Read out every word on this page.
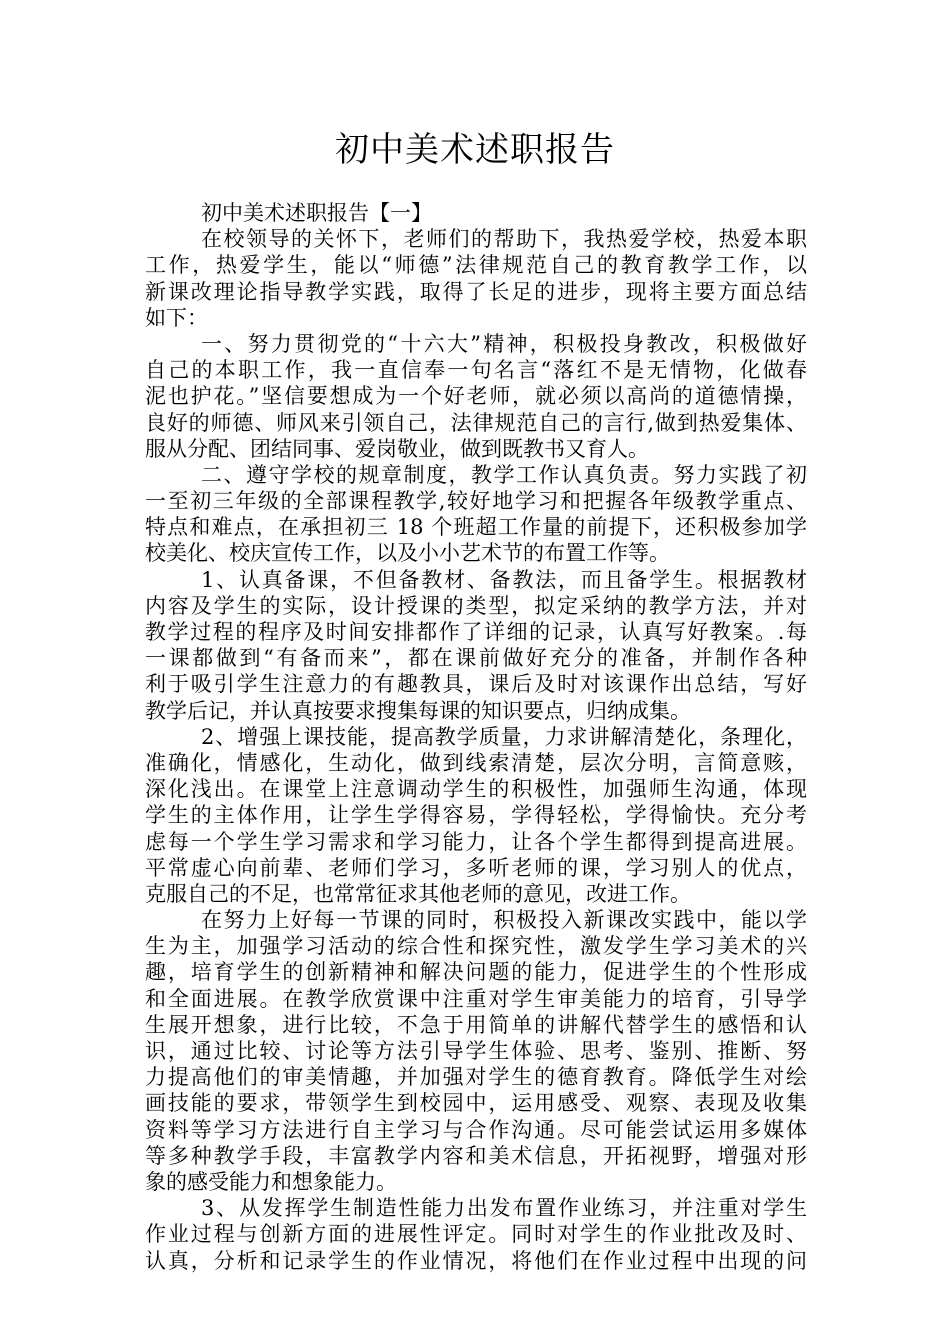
初中美术述职报告
初中美术述职报告【一】
在校领导的关怀下，老师们的帮助下，我热爱学校，热爱本职
工作，热爱学生，能以“师德”法律规范自己的教育教学工作，以
新课改理论指导教学实践，取得了长足的进步，现将主要方面总结
如下：
一、努力贯彻党的“十六大”精神，积极投身教改，积极做好
自己的本职工作，我一直信奉一句名言“落红不是无情物，化做春
泥也护花。”坚信要想成为一个好老师，就必须以高尚的道德情操，
良好的师德、师风来引领自己，法律规范自己的言行,做到热爱集体、
服从分配、团结同事、爱岗敬业，做到既教书又育人。
二、遵守学校的规章制度，教学工作认真负责。努力实践了初
一至初三年级的全部课程教学,较好地学习和把握各年级教学重点、
特点和难点，在承担初三 18 个班超工作量的前提下，还积极参加学
校美化、校庆宣传工作，以及小小艺术节的布置工作等。
1、认真备课，不但备教材、备教法，而且备学生。根据教材
内容及学生的实际，设计授课的类型，拟定采纳的教学方法，并对
教学过程的程序及时间安排都作了详细的记录，认真写好教案。.每
一课都做到“有备而来”，都在课前做好充分的准备，并制作各种
利于吸引学生注意力的有趣教具，课后及时对该课作出总结，写好
教学后记，并认真按要求搜集每课的知识要点，归纳成集。
2、增强上课技能，提高教学质量，力求讲解清楚化，条理化，
准确化，情感化，生动化，做到线索清楚，层次分明，言简意赅，
深化浅出。在课堂上注意调动学生的积极性，加强师生沟通，体现
学生的主体作用，让学生学得容易，学得轻松，学得愉快。充分考
虑每一个学生学习需求和学习能力，让各个学生都得到提高进展。
平常虚心向前辈、老师们学习，多听老师的课，学习别人的优点，
克服自己的不足，也常常征求其他老师的意见，改进工作。
在努力上好每一节课的同时，积极投入新课改实践中，能以学
生为主，加强学习活动的综合性和探究性，激发学生学习美术的兴
趣，培育学生的创新精神和解决问题的能力，促进学生的个性形成
和全面进展。在教学欣赏课中注重对学生审美能力的培育，引导学
生展开想象，进行比较，不急于用简单的讲解代替学生的感悟和认
识，通过比较、讨论等方法引导学生体验、思考、鉴别、推断、努
力提高他们的审美情趣，并加强对学生的德育教育。降低学生对绘
画技能的要求，带领学生到校园中，运用感受、观察、表现及收集
资料等学习方法进行自主学习与合作沟通。尽可能尝试运用多媒体
等多种教学手段，丰富教学内容和美术信息，开拓视野，增强对形
象的感受能力和想象能力。
3、从发挥学生制造性能力出发布置作业练习，并注重对学生
作业过程与创新方面的进展性评定。同时对学生的作业批改及时、
认真，分析和记录学生的作业情况，将他们在作业过程中出现的问
